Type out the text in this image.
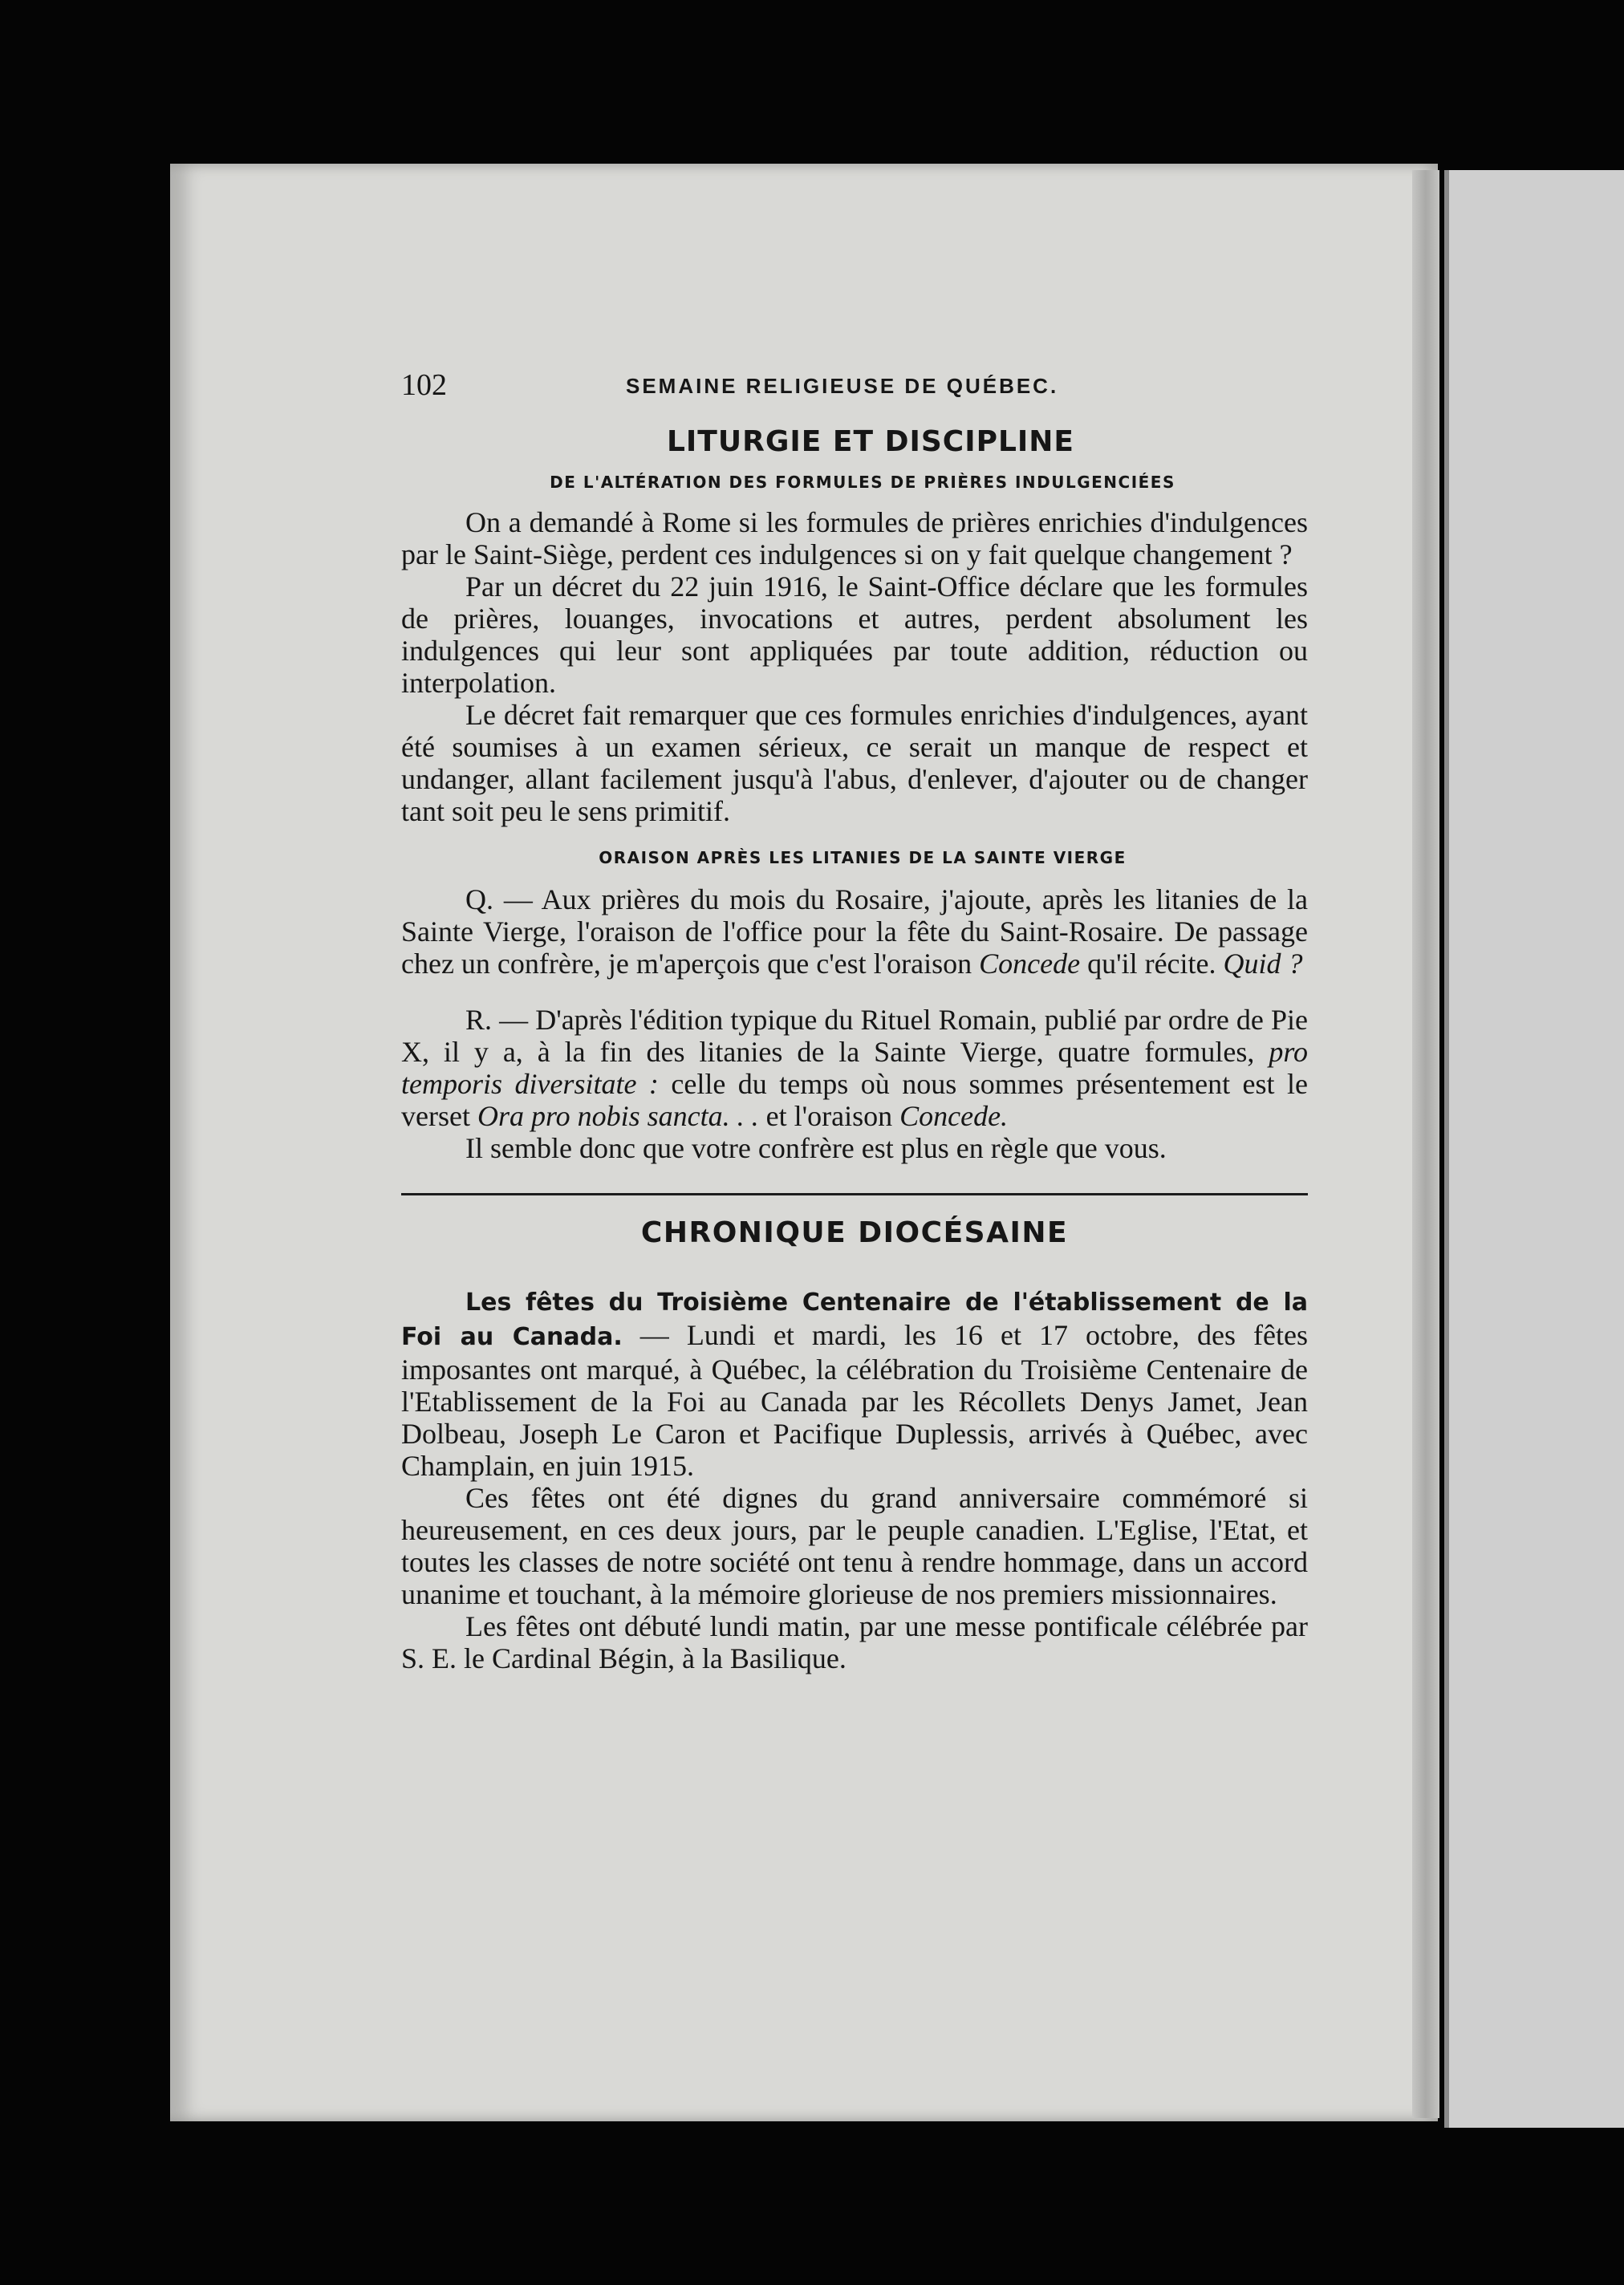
102	SEMAINE RELIGIEUSE DE QUÉBEC.
LITURGIE ET DISCIPLINE
DE L'ALTÉRATION DES FORMULES DE PRIÈRES INDULGENCIÉES

On a demandé à Rome si les formules de prières enrichies d'indulgences par le Saint-Siège, perdent ces indulgences si on y fait quelque changement ?

Par un décret du 22 juin 1916, le Saint-Office déclare que les formules de prières, louanges, invocations et autres, perdent absolument les indulgences qui leur sont appliquées par toute addition, réduction ou interpolation.

Le décret fait remarquer que ces formules enrichies d'indulgences, ayant été soumises à un examen sérieux, ce serait un manque de respect et undanger, allant facilement jusqu'à l'abus, d'enlever, d'ajouter ou de changer tant soit peu le sens primitif.

ORAISON APRÈS LES LITANIES DE LA SAINTE VIERGE

Q. — Aux prières du mois du Rosaire, j'ajoute, après les litanies de la Sainte Vierge, l'oraison de l'office pour la fête du Saint-Rosaire. De passage chez un confrère, je m'aperçois que c'est l'oraison Concede qu'il récite. Quid ?

R. — D'après l'édition typique du Rituel Romain, publié par ordre de Pie X, il y a, à la fin des litanies de la Sainte Vierge, quatre formules, pro temporis diversitate : celle du temps où nous sommes présentement est le verset Ora pro nobis sancta. . . et l'oraison Concede.

Il semble donc que votre confrère est plus en règle que vous.

CHRONIQUE DIOCÉSAINE

Les fêtes du Troisième Centenaire de l'établissement de la Foi au Canada. — Lundi et mardi, les 16 et 17 octobre, des fêtes imposantes ont marqué, à Québec, la célébration du Troisième Centenaire de l'Etablissement de la Foi au Canada par les Récollets Denys Jamet, Jean Dolbeau, Joseph Le Caron et Pacifique Duplessis, arrivés à Québec, avec Champlain, en juin 1915.

Ces fêtes ont été dignes du grand anniversaire commémoré si heureusement, en ces deux jours, par le peuple canadien. L'Eglise, l'Etat, et toutes les classes de notre société ont tenu à rendre hommage, dans un accord unanime et touchant, à la mémoire glorieuse de nos premiers missionnaires.

Les fêtes ont débuté lundi matin, par une messe pontificale célébrée par S. E. le Cardinal Bégin, à la Basilique.
